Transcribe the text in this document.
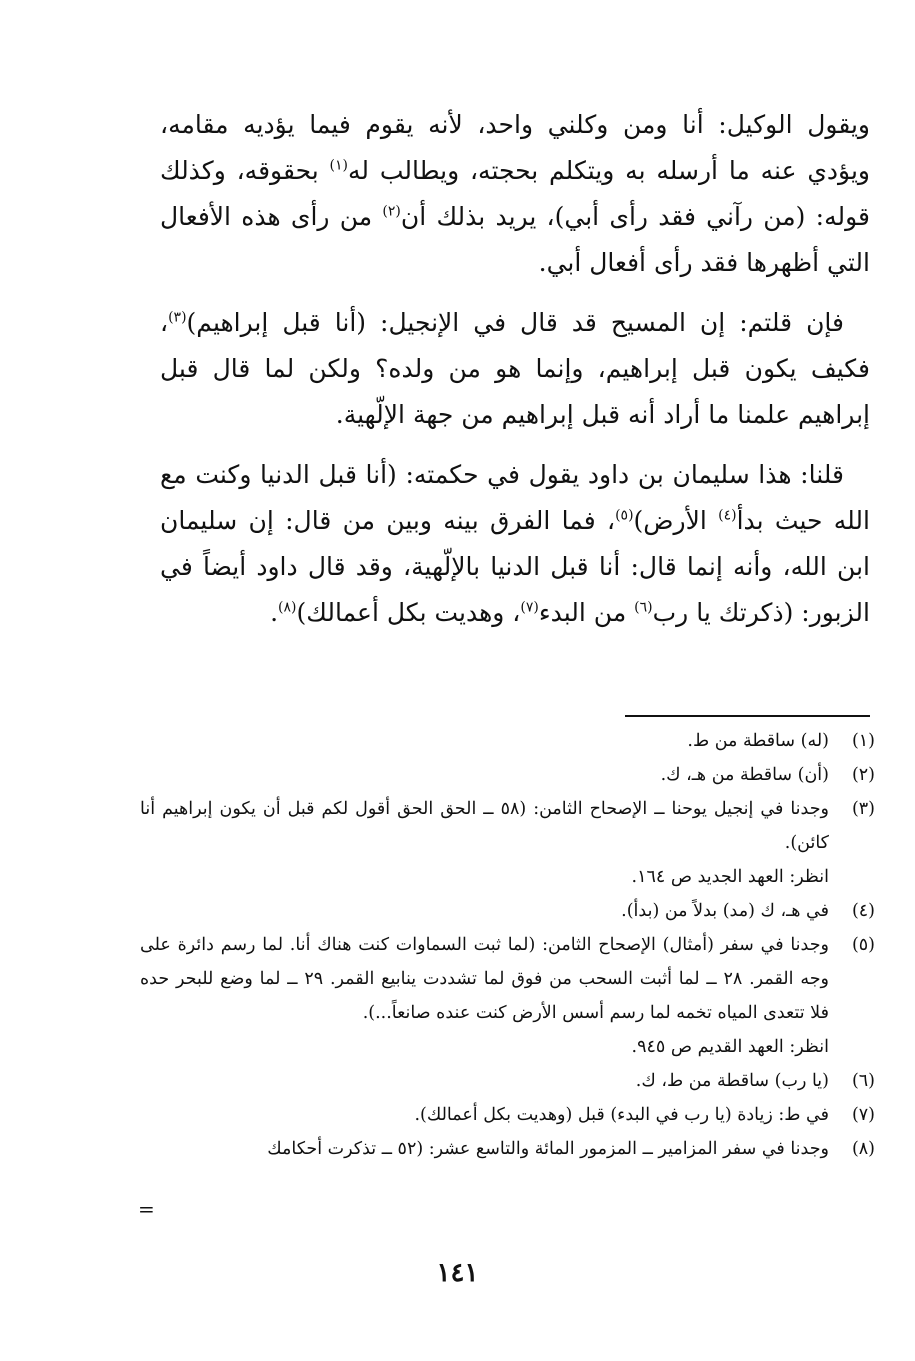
ويقول الوكيل: أنا ومن وكلني واحد، لأنه يقوم فيما يؤديه مقامه، ويؤدي عنه ما أرسله به ويتكلم بحجته، ويطالب له$^{(١)}$ بحقوقه، وكذلك قوله: (من رآني فقد رأى أبي)، يريد بذلك أن$^{(٢)}$ من رأى هذه الأفعال التي أظهرها فقد رأى أفعال أبي.

فإن قلتم: إن المسيح قد قال في الإنجيل: (أنا قبل إبراهيم)$^{(٣)}$، فكيف يكون قبل إبراهيم، وإنما هو من ولده؟ ولكن لما قال قبل إبراهيم علمنا ما أراد أنه قبل إبراهيم من جهة الإلّهية.

قلنا: هذا سليمان بن داود يقول في حكمته: (أنا قبل الدنيا وكنت مع الله حيث بدأ$^{(٤)}$ الأرض)$^{(٥)}$، فما الفرق بينه وبين من قال: إن سليمان ابن الله، وأنه إنما قال: أنا قبل الدنيا بالإلّهية، وقد قال داود أيضاً في الزبور: (ذكرتك يا رب$^{(٦)}$ من البدء$^{(٧)}$، وهديت بكل أعمالك)$^{(٨)}$.

(١)
(له) ساقطة من ط.
(٢)
(أن) ساقطة من هـ، ك.
(٣)
وجدنا في إنجيل يوحنا ــ الإصحاح الثامن: (٥٨ ــ الحق الحق أقول لكم قبل أن يكون إبراهيم أنا كائن).
انظر: العهد الجديد ص ١٦٤.
(٤)
في هـ، ك (مد) بدلاً من (بدأ).
(٥)
وجدنا في سفر (أمثال) الإصحاح الثامن: (لما ثبت السماوات كنت هناك أنا. لما رسم دائرة على وجه القمر. ٢٨ ــ لما أثبت السحب من فوق لما تشددت ينابيع القمر. ٢٩ ــ لما وضع للبحر حده فلا تتعدى المياه تخمه لما رسم أسس الأرض كنت عنده صانعاً...).
انظر: العهد القديم ص ٩٤٥.
(٦)
(يا رب) ساقطة من ط، ك.
(٧)
في ط: زيادة (يا رب في البدء) قبل (وهديت بكل أعمالك).
(٨)
وجدنا في سفر المزامير ــ المزمور المائة والتاسع عشر: (٥٢ ــ تذكرت أحكامك
=
١٤١
